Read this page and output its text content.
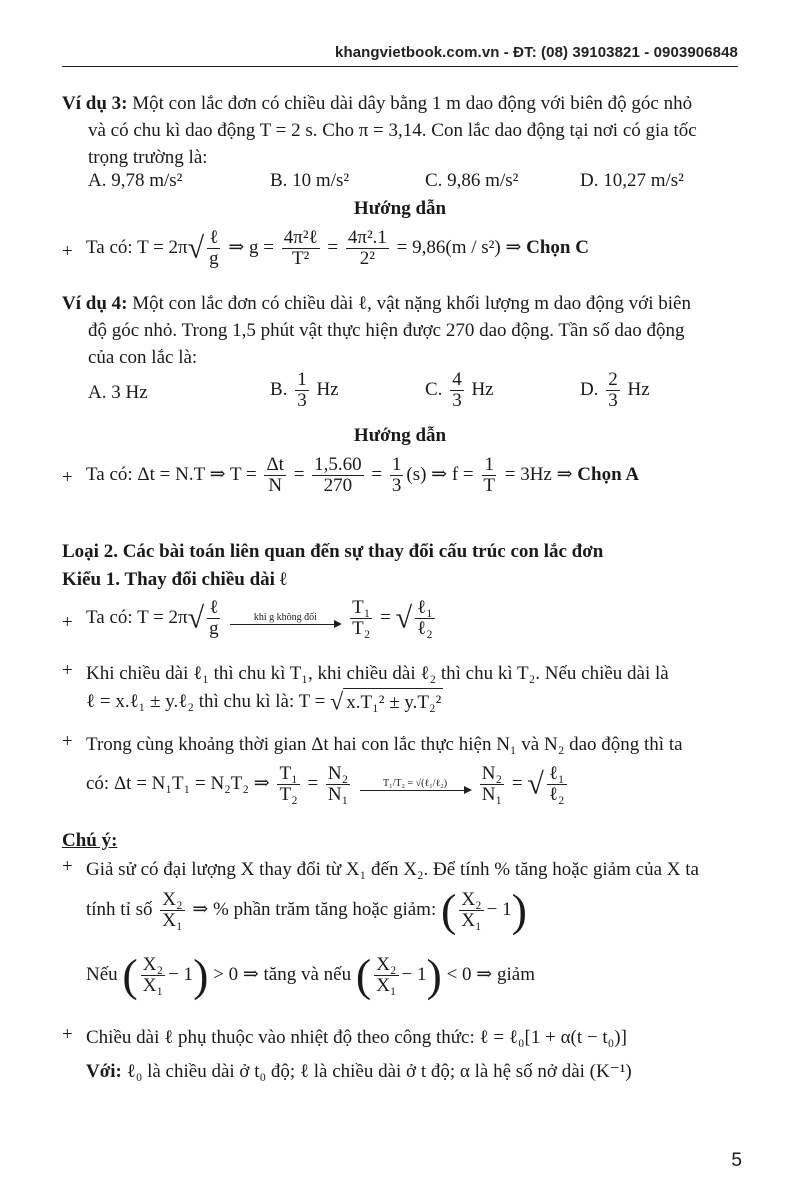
khangvietbook.com.vn - ĐT: (08) 39103821 - 0903906848
Ví dụ 3: Một con lắc đơn có chiều dài dây bằng 1 m dao động với biên độ góc nhỏ
và có chu kì dao động T = 2 s. Cho π = 3,14. Con lắc dao động tại nơi có gia tốc
trọng trường là:
A. 9,78 m/s²	B. 10 m/s²	C. 9,86 m/s²	D. 10,27 m/s²
Hướng dẫn
+ Ta có: $T = 2\pi√ \frac{\text{ℓ}}{g}$ ⇒ $g = \frac{\text{4π²ℓ}}{\text{T²}} = \frac{\text{4π².1}}{\text{2²}} = 9,86(m / s^2)$ ⇒ Chọn C
Ví dụ 4: Một con lắc đơn có chiều dài ℓ, vật nặng khối lượng m dao động với biên
độ góc nhỏ. Trong 1,5 phút vật thực hiện được 270 dao động. Tần số dao động
của con lắc là:
A. 3 Hz	B. $\frac{1}{3}$ Hz	C. $\frac{4}{3}$ Hz	D. $\frac{2}{3}$ Hz
Hướng dẫn
+ Ta có: Δt = N.T ⇒ $T = \frac{\Delta t}{N} = \frac{1,5.60}{270} = \frac{1}{3} (s)$ ⇒ $f = \frac{1}{T} = 3Hz$ ⇒ Chọn A
Loại 2. Các bài toán liên quan đến sự thay đổi cấu trúc con lắc đơn
Kiểu 1. Thay đổi chiều dài ℓ
+ Ta có: $T = 2\pi√ \frac{\text{ℓ}}{g}$
	khi g không đổi
$\frac{\text{T₁}}{\text{T₂}}$ = √ $\frac{\text{ℓ₁}}{\text{ℓ₂}}$
+ Khi chiều dài ℓ₁ thì chu kì T₁, khi chiều dài ℓ₂ thì chu kì T₂. Nếu chiều dài là
ℓ = x.ℓ₁ ± y.ℓ₂ thì chu kì là: T = √ x.T₁² ± y.T₂²
+ Trong cùng khoảng thời gian Δt hai con lắc thực hiện N₁ và N₂ dao động thì ta
có: Δt = N₁T₁ = N₂T₂ ⇒ $\frac{\text{T₁}}{\text{T₂}} = \frac{\text{N₂}}{\text{N₁}}$
	T₁/T₂ = √(ℓ₁/ℓ₂)
$\frac{\text{N₂}}{\text{N₁}}$ = √ $\frac{\text{ℓ₁}}{\text{ℓ₂}}$
Chú ý:
+ Giả sử có đại lượng X thay đổi từ X₁ đến X₂. Để tính % tăng hoặc giảm của X ta
tính tỉ số $\frac{\text{X₂}}{\text{X₁}}$ ⇒ % phần trăm tăng hoặc giảm: ( $\frac{\text{X₂}}{\text{X₁}} - 1$)
Nếu ( $\frac{\text{X₂}}{\text{X₁}} - 1) > 0$ ⇒ tăng và nếu ( $\frac{\text{X₂}}{\text{X₁}} - 1) < 0$ ⇒ giảm
+ Chiều dài ℓ phụ thuộc vào nhiệt độ theo công thức: ℓ = ℓ₀[1 + α(t − t₀)]
Với: ℓ₀ là chiều dài ở t₀ độ; ℓ là chiều dài ở t độ; α là hệ số nở dài (K⁻¹)
5
